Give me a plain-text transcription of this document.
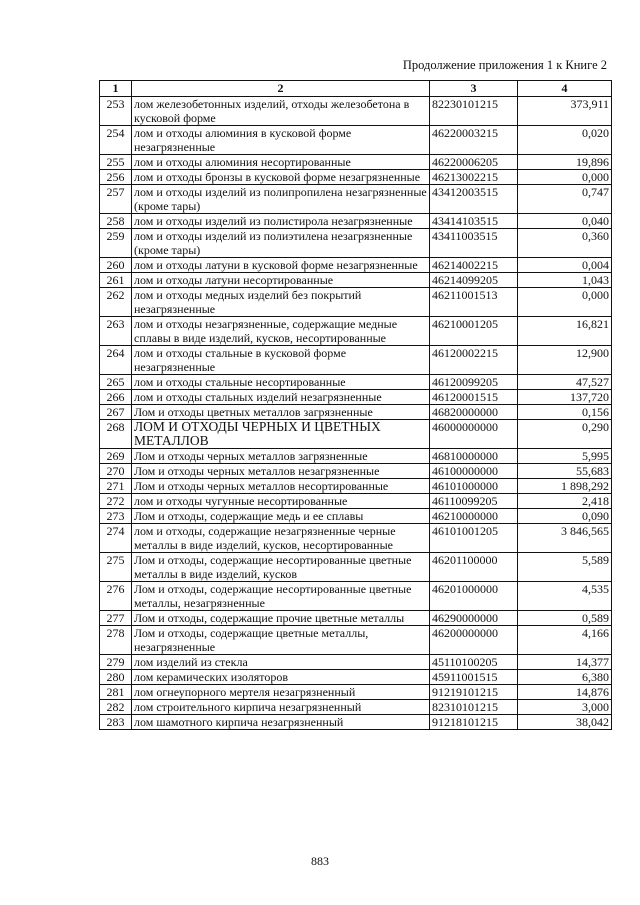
Продолжение приложения 1 к Книге 2
1	2	3	4
253	лом железобетонных изделий, отходы железобетона в кусковой форме	82230101215	373,911
254	лом и отходы алюминия в кусковой форме незагрязненные	46220003215	0,020
255	лом и отходы алюминия несортированные	46220006205	19,896
256	лом и отходы бронзы в кусковой форме незагрязненные	46213002215	0,000
257	лом и отходы изделий из полипропилена незагрязненные (кроме тары)	43412003515	0,747
258	лом и отходы изделий из полистирола незагрязненные	43414103515	0,040
259	лом и отходы изделий из полиэтилена незагрязненные (кроме тары)	43411003515	0,360
260	лом и отходы латуни в кусковой форме незагрязненные	46214002215	0,004
261	лом и отходы латуни несортированные	46214099205	1,043
262	лом и отходы медных изделий без покрытий незагрязненные	46211001513	0,000
263	лом и отходы незагрязненные, содержащие медные сплавы в виде изделий, кусков, несортированные	46210001205	16,821
264	лом и отходы стальные в кусковой форме незагрязненные	46120002215	12,900
265	лом и отходы стальные несортированные	46120099205	47,527
266	лом и отходы стальных изделий незагрязненные	46120001515	137,720
267	Лом и отходы цветных металлов загрязненные	46820000000	0,156
268	ЛОМ И ОТХОДЫ ЧЕРНЫХ И ЦВЕТНЫХ МЕТАЛЛОВ	46000000000	0,290
269	Лом и отходы черных металлов загрязненные	46810000000	5,995
270	Лом и отходы черных металлов незагрязненные	46100000000	55,683
271	Лом и отходы черных металлов несортированные	46101000000	1 898,292
272	лом и отходы чугунные несортированные	46110099205	2,418
273	Лом и отходы, содержащие медь и ее сплавы	46210000000	0,090
274	лом и отходы, содержащие незагрязненные черные металлы в виде изделий, кусков, несортированные	46101001205	3 846,565
275	Лом и отходы, содержащие несортированные цветные металлы в виде изделий, кусков	46201100000	5,589
276	Лом и отходы, содержащие несортированные цветные металлы, незагрязненные	46201000000	4,535
277	Лом и отходы, содержащие прочие цветные металлы	46290000000	0,589
278	Лом и отходы, содержащие цветные металлы, незагрязненные	46200000000	4,166
279	лом изделий из стекла	45110100205	14,377
280	лом керамических изоляторов	45911001515	6,380
281	лом огнеупорного мертеля незагрязненный	91219101215	14,876
282	лом строительного кирпича незагрязненный	82310101215	3,000
283	лом шамотного кирпича незагрязненный	91218101215	38,042
883
